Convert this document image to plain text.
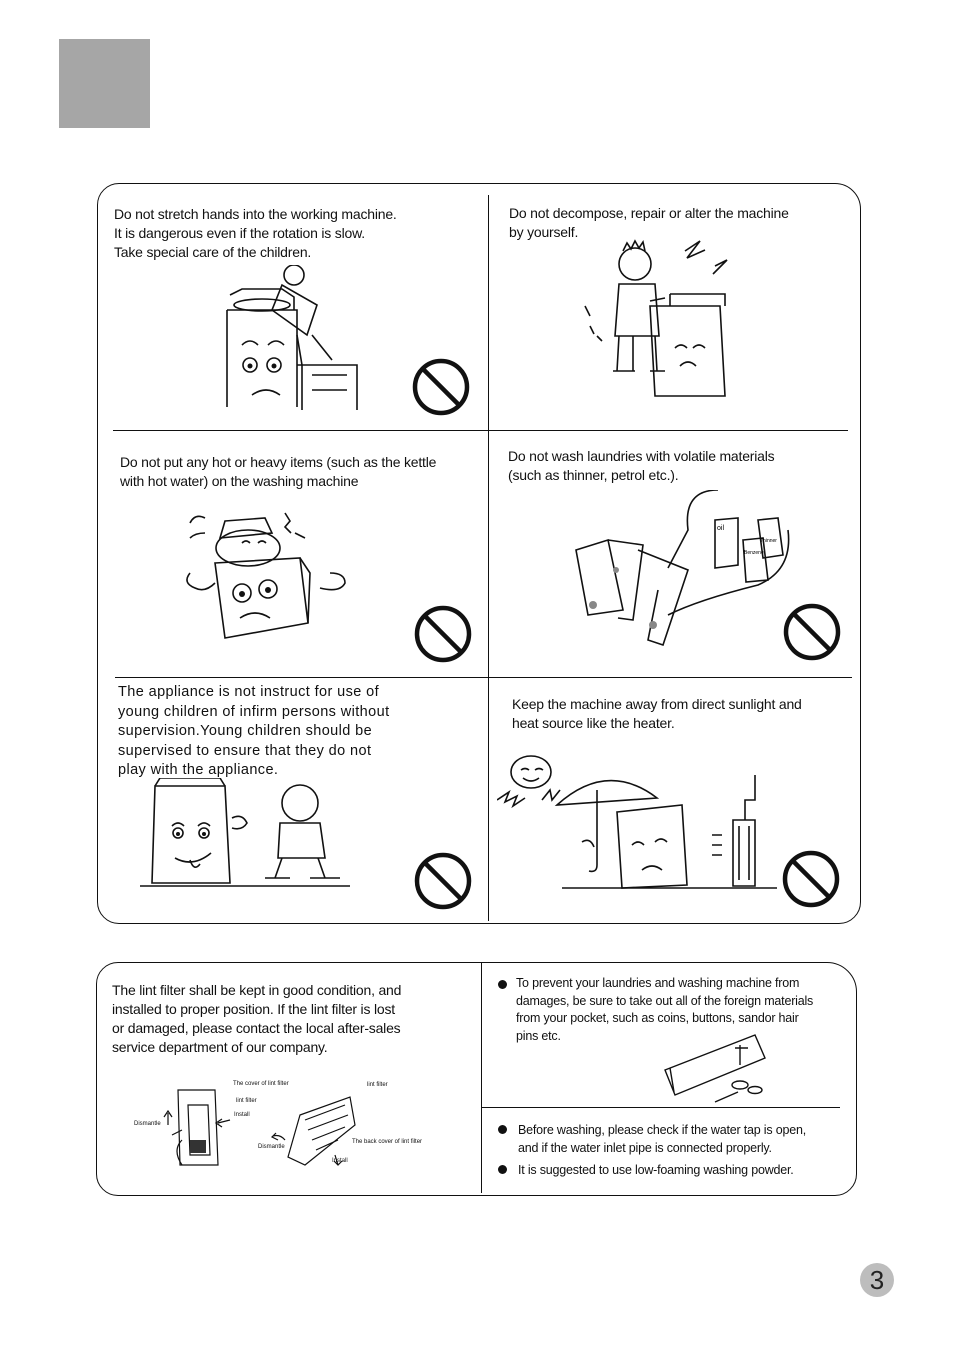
Do not stretch hands into the working machine.
It is dangerous even if the rotation is slow.
Take special care of the children.
Do not decompose, repair or alter the machine
by yourself.
Do not put any hot or heavy items (such as the kettle
with hot water) on the washing machine
Do not wash laundries with volatile materials
(such as thinner, petrol etc.).
The appliance is not instruct for use of
young children of infirm persons without
supervision.Young children should be
supervised to ensure that they do not
play with the appliance.
Keep the machine away from direct sunlight and
heat source like the heater.
oil
Benzene
Thinner
The lint filter shall be kept in good condition, and
installed to proper position. If the lint filter is lost
or damaged, please contact the local after-sales
service department of our company.
The cover of lint filter
lint filter
Install
Dismantle
lint filter
The back cover of lint filter
Dismantle
Install
To prevent your laundries and washing machine from
damages, be sure to take out all of the foreign materials
from your pocket, such as coins, buttons, sandor hair
pins etc.
Before washing, please check if the water tap is open,
and if the water inlet pipe is connected properly.
It is suggested to use low-foaming washing powder.
3
